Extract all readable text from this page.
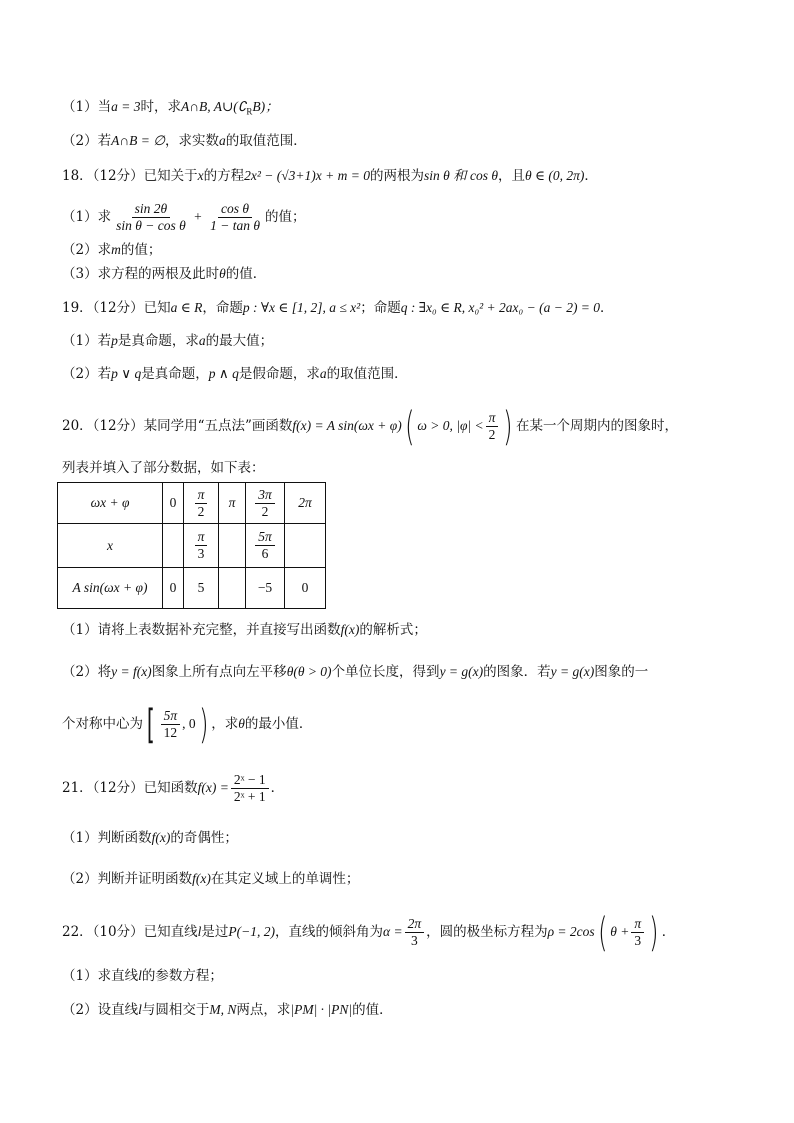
（1）当a = 3时，求A∩B, $A\cup(∁_RB)$；
（2）若A∩B = ∅，求实数a的取值范围．
18．（12分）已知关于x的方程2x² − (√3+1)x + m = 0的两根为sin θ 和 cos θ，且θ ∈ (0, 2π)．
（1）求 $\frac{\sin 2\theta}{\text{sin θ − cos θ}} + \frac{\text{cos θ}}{\text{1 − tan θ}}$ 的值；
（2）求m的值；
（3）求方程的两根及此时θ的值．
19．（12分）已知a ∈ R，命题p : ∀x ∈ [1, 2], a ≤ x²；命题q : ∃x₀ ∈ R, x₀² + 2ax₀ − (a − 2) = 0．
（1）若p是真命题，求a的最大值；
（2）若p ∨ q是真命题，p ∧ q是假命题，求a的取值范围．
20．（12分）某同学用“五点法”画函数f(x) = A sin(ωx + φ)( ω > 0, $|\varphi| < \frac{\pi}{2}$ ) 在某一个周期内的图象时，
列表并填入了部分数据，如下表：
ωx + φ	0	$\frac{\pi}{2}$	π	$\frac{3\pi}{2}$	2π
x		$\frac{\pi}{3}$		$\frac{5\pi}{6}$

A sin(ωx + φ)	0	5		−5	0
（1）请将上表数据补充完整，并直接写出函数f(x)的解析式；
（2）将y = f(x)图象上所有点向左平移θ(θ > 0)个单位长度，得到y = g(x)的图象．若y = g(x)图象的一
个对称中心为[ $\frac{5\pi}{12}$ , 0) ，求θ的最小值．
21．（12分）已知函数$f(x) = \frac{\text{2ˣ − 1}}{\text{2ˣ + 1}}$ ．
（1）判断函数f(x)的奇偶性；
（2）判断并证明函数f(x)在其定义域上的单调性；
22．（10分）已知直线l是过P(−1, 2)，直线的倾斜角为$\alpha = \frac{2\pi}{3}$ ，圆的极坐标方程为ρ = 2cos( $\theta + \frac{\pi}{3}$ ) ．
（1）求直线l的参数方程；
（2）设直线l与圆相交于M, N两点，求|PM| · |PN|的值．
